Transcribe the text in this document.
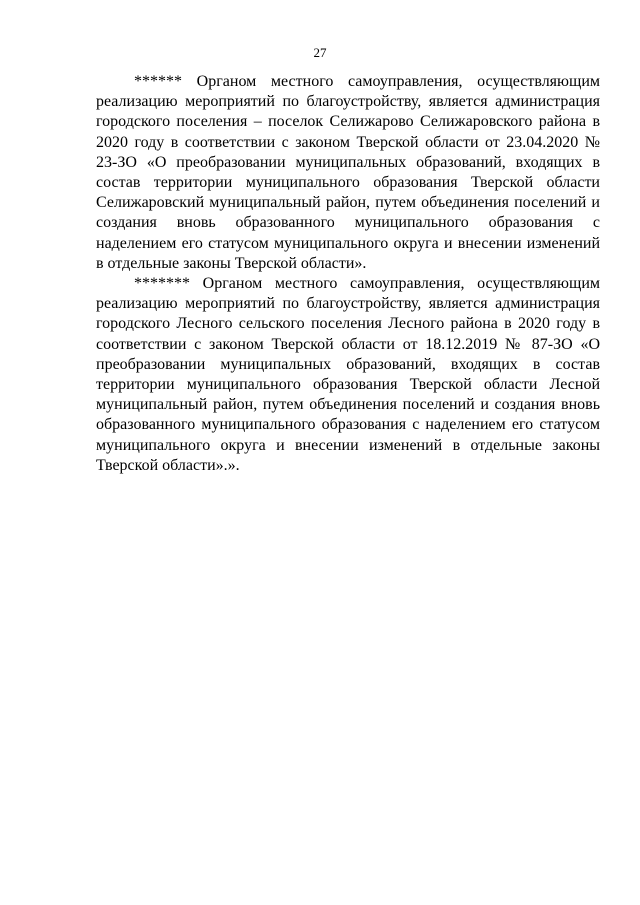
27

****** Органом местного самоуправления, осуществляющим реализацию мероприятий по благоустройству, является администрация городского поселения – поселок Селижарово Селижаровского района в 2020 году в соответствии с законом Тверской области от 23.04.2020 № 23-ЗО «О преобразовании муниципальных образований, входящих в состав территории муниципального образования Тверской области Селижаровский муниципальный район, путем объединения поселений и создания вновь образованного муниципального образования с наделением его статусом муниципального округа и внесении изменений в отдельные законы Тверской области».

******* Органом местного самоуправления, осуществляющим реализацию мероприятий по благоустройству, является администрация городского Лесного сельского поселения Лесного района в 2020 году в соответствии с законом Тверской области от 18.12.2019 № 87-ЗО «О преобразовании муниципальных образований, входящих в состав территории муниципального образования Тверской области Лесной муниципальный район, путем объединения поселений и создания вновь образованного муниципального образования с наделением его статусом муниципального округа и внесении изменений в отдельные законы Тверской области».».
